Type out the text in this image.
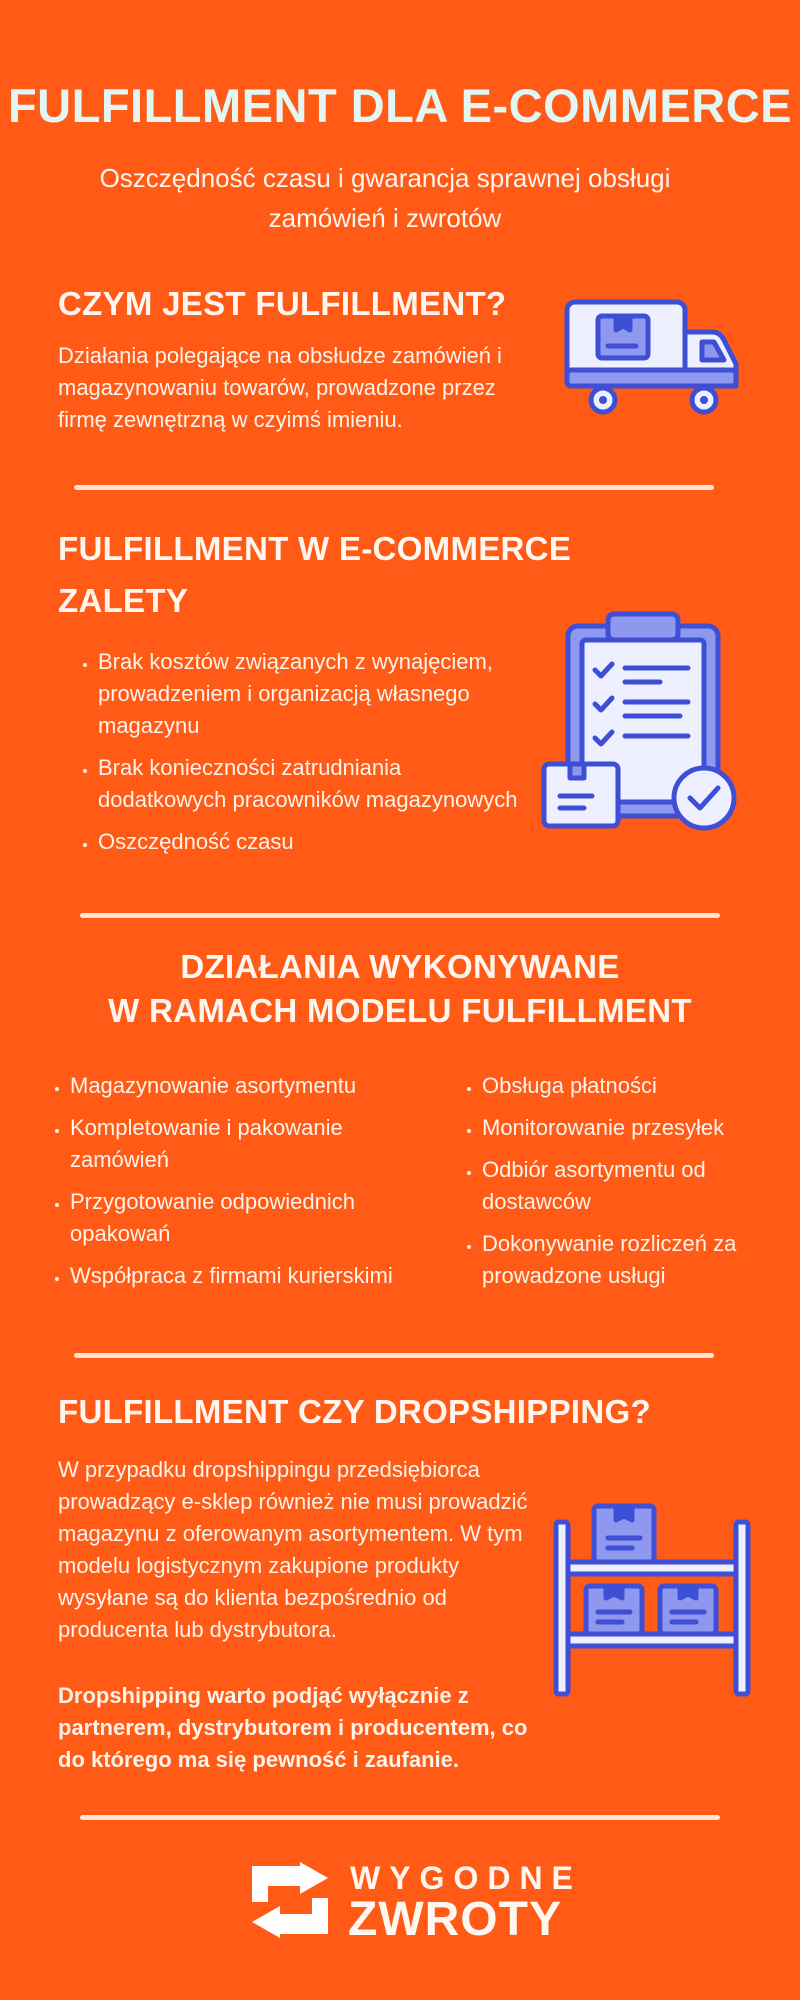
FULFILLMENT DLA E-COMMERCE
Oszczędność czasu i gwarancja sprawnej obsługi zamówień i zwrotów
CZYM JEST FULFILLMENT?
Działania polegające na obsłudze zamówień i magazynowaniu towarów, prowadzone przez firmę zewnętrzną w czyimś imieniu.
FULFILLMENT W E-COMMERCE
ZALETY
• Brak kosztów związanych z wynajęciem, prowadzeniem i organizacją własnego magazynu
• Brak konieczności zatrudniania dodatkowych pracowników magazynowych
• Oszczędność czasu
DZIAŁANIA WYKONYWANE
W RAMACH MODELU FULFILLMENT
• Magazynowanie asortymentu
• Kompletowanie i pakowanie zamówień
• Przygotowanie odpowiednich opakowań
• Współpraca z firmami kurierskimi
• Obsługa płatności
• Monitorowanie przesyłek
• Odbiór asortymentu od dostawców
• Dokonywanie rozliczeń za prowadzone usługi
FULFILLMENT CZY DROPSHIPPING?
W przypadku dropshippingu przedsiębiorca prowadzący e-sklep również nie musi prowadzić magazynu z oferowanym asortymentem. W tym modelu logistycznym zakupione produkty wysyłane są do klienta bezpośrednio od producenta lub dystrybutora.
Dropshipping warto podjąć wyłącznie z partnerem, dystrybutorem i producentem, co do którego ma się pewność i zaufanie.
WYGODNE
ZWROTY
